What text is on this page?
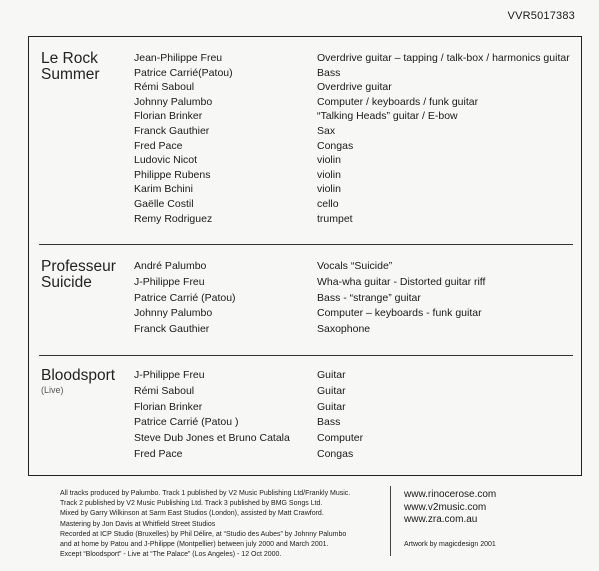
VVR5017383
Le Rock
Summer
Jean-Philippe Freu	Overdrive guitar – tapping / talk-box / harmonics guitar
Patrice Carrié(Patou)	Bass
Rémi Saboul	Overdrive guitar
Johnny Palumbo	Computer / keyboards / funk guitar
Florian Brinker	“Talking Heads” guitar / E-bow
Franck Gauthier	Sax
Fred Pace	Congas
Ludovic Nicot	violin
Philippe Rubens	violin
Karim Bchini	violin
Gaëlle Costil	cello
Remy Rodriguez	trumpet
Professeur
Suicide
André Palumbo	Vocals “Suicide”
J-Philippe Freu	Wha-wha guitar - Distorted guitar riff
Patrice Carrié (Patou)	Bass - “strange” guitar
Johnny Palumbo	Computer – keyboards - funk guitar
Franck Gauthier	Saxophone
Bloodsport
(Live)
J-Philippe Freu	Guitar
Rémi Saboul	Guitar
Florian Brinker	Guitar
Patrice Carrié (Patou )	Bass
Steve Dub Jones et Bruno Catala	Computer
Fred Pace	Congas
All tracks produced by Palumbo. Track 1 published by V2 Music Publishing Ltd/Frankly Music.
Track 2 published by V2 Music Publishing Ltd. Track 3 published by BMG Songs Ltd.
Mixed by Garry Wilkinson at Sarm East Studios (London), assisted by Matt Crawford.
Mastering by Jon Davis at Whitfield Street Studios
Recorded at ICP Studio (Bruxelles) by Phil Délire, at “Studio des Aubes” by Johnny Palumbo
and at home by Patou and J-Philippe (Montpellier) between july 2000 and March 2001.
Except “Bloodsport” - Live at “The Palace” (Los Angeles) - 12 Oct 2000.
www.rinocerose.com
www.v2music.com
www.zra.com.au
Artwork by magicdesign 2001
